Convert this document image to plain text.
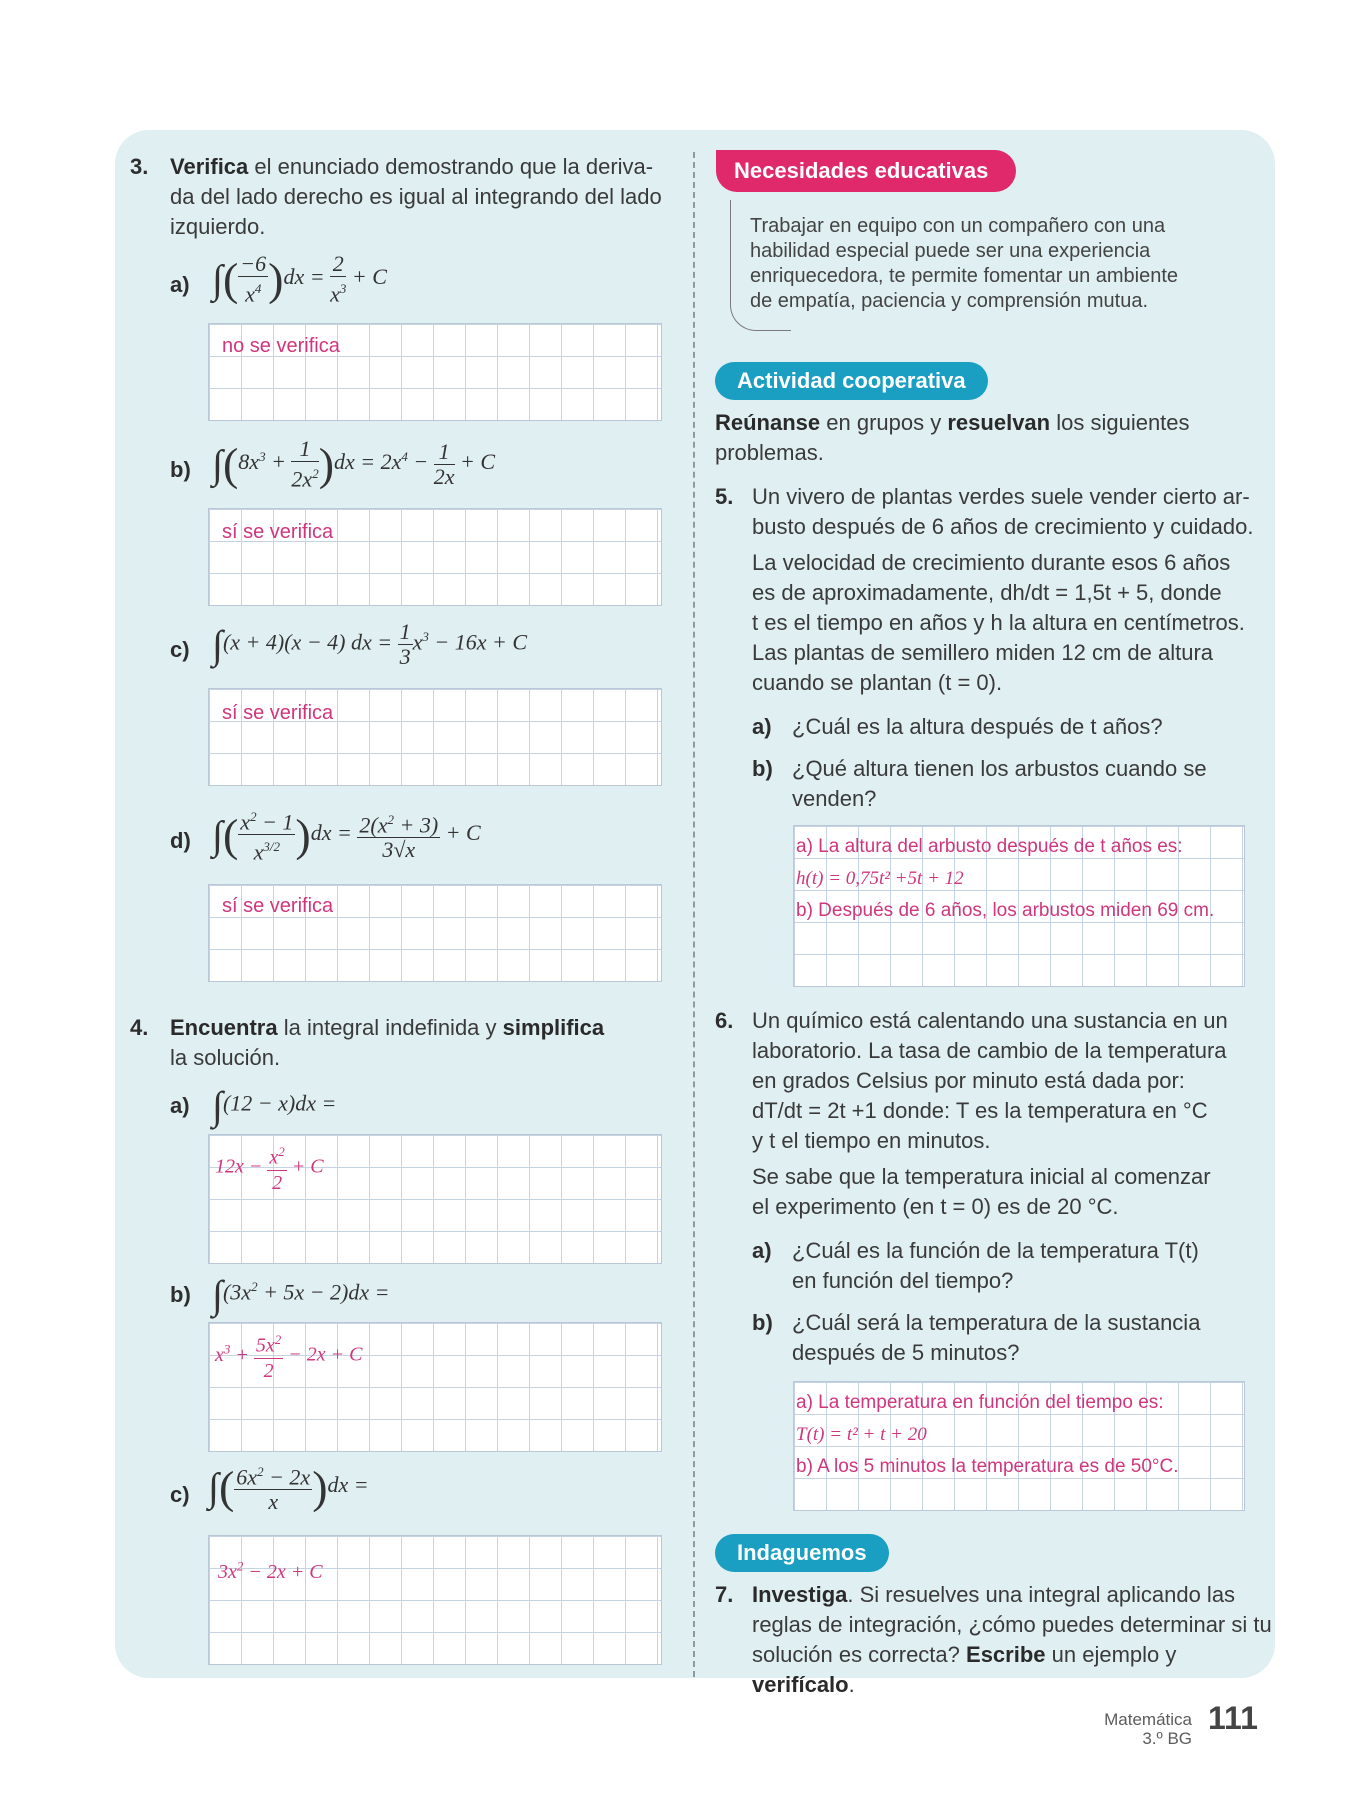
3. Verifica el enunciado demostrando que la deriva-
da del lado derecho es igual al integrando del lado
izquierdo.
a) ∫( $\frac{-6}{x^4} )dx = \frac{2}{x^3} + C$
no se verifica
b) $\int(8x^3 + \frac{1}{2x^2} )dx = 2x^4 - \frac{1}{2x} + C$
sí se verifica
c) ∫(x + 4)(x − 4) dx = $\frac{1}{3} x^3 - 16x + C$
sí se verifica
d) ∫( $\frac{x^2 - 1}{x^{3/2}} )dx = \frac{2(x^2 + 3)}{3√x} + C$
sí se verifica
4. Encuentra la integral indefinida y simplifica
la solución.
a) ∫(12 − x)dx =
$12x - \frac{x^2}{2} + C$
b) $\int(3x^2 + 5x - 2)dx$ =
$x^3 + \frac{5x^2}{2} - 2x + C$
c) ∫( $\frac{6x^2 - 2x}{x} )dx$ =
$3x^2 - 2x + C$
Necesidades educativas
Trabajar en equipo con un compañero con una
habilidad especial puede ser una experiencia
enriquecedora, te permite fomentar un ambiente
de empatía, paciencia y comprensión mutua.
Actividad cooperativa
Reúnanse en grupos y resuelvan los siguientes
problemas.
5. Un vivero de plantas verdes suele vender cierto ar-
busto después de 6 años de crecimiento y cuidado.
La velocidad de crecimiento durante esos 6 años
es de aproximadamente, dh/dt = 1,5t + 5, donde
t es el tiempo en años y h la altura en centímetros.
Las plantas de semillero miden 12 cm de altura
cuando se plantan (t = 0).
a) ¿Cuál es la altura después de t años?
b) ¿Qué altura tienen los arbustos cuando se
venden?
a) La altura del arbusto después de t años es:
h(t) = 0,75t² +5t + 12
b) Después de 6 años, los arbustos miden 69 cm.
6. Un químico está calentando una sustancia en un
laboratorio. La tasa de cambio de la temperatura
en grados Celsius por minuto está dada por:
dT/dt = 2t +1 donde: T es la temperatura en °C
y t el tiempo en minutos.
Se sabe que la temperatura inicial al comenzar
el experimento (en t = 0) es de 20 °C.
a) ¿Cuál es la función de la temperatura T(t)
en función del tiempo?
b) ¿Cuál será la temperatura de la sustancia
después de 5 minutos?
a) La temperatura en función del tiempo es:
T(t) = t² + t + 20
b) A los 5 minutos la temperatura es de 50°C.
Indaguemos
7. Investiga. Si resuelves una integral aplicando las
reglas de integración, ¿cómo puedes determinar si tu
solución es correcta? Escribe un ejemplo y verifícalo.
Matemática
3.º BG
111
